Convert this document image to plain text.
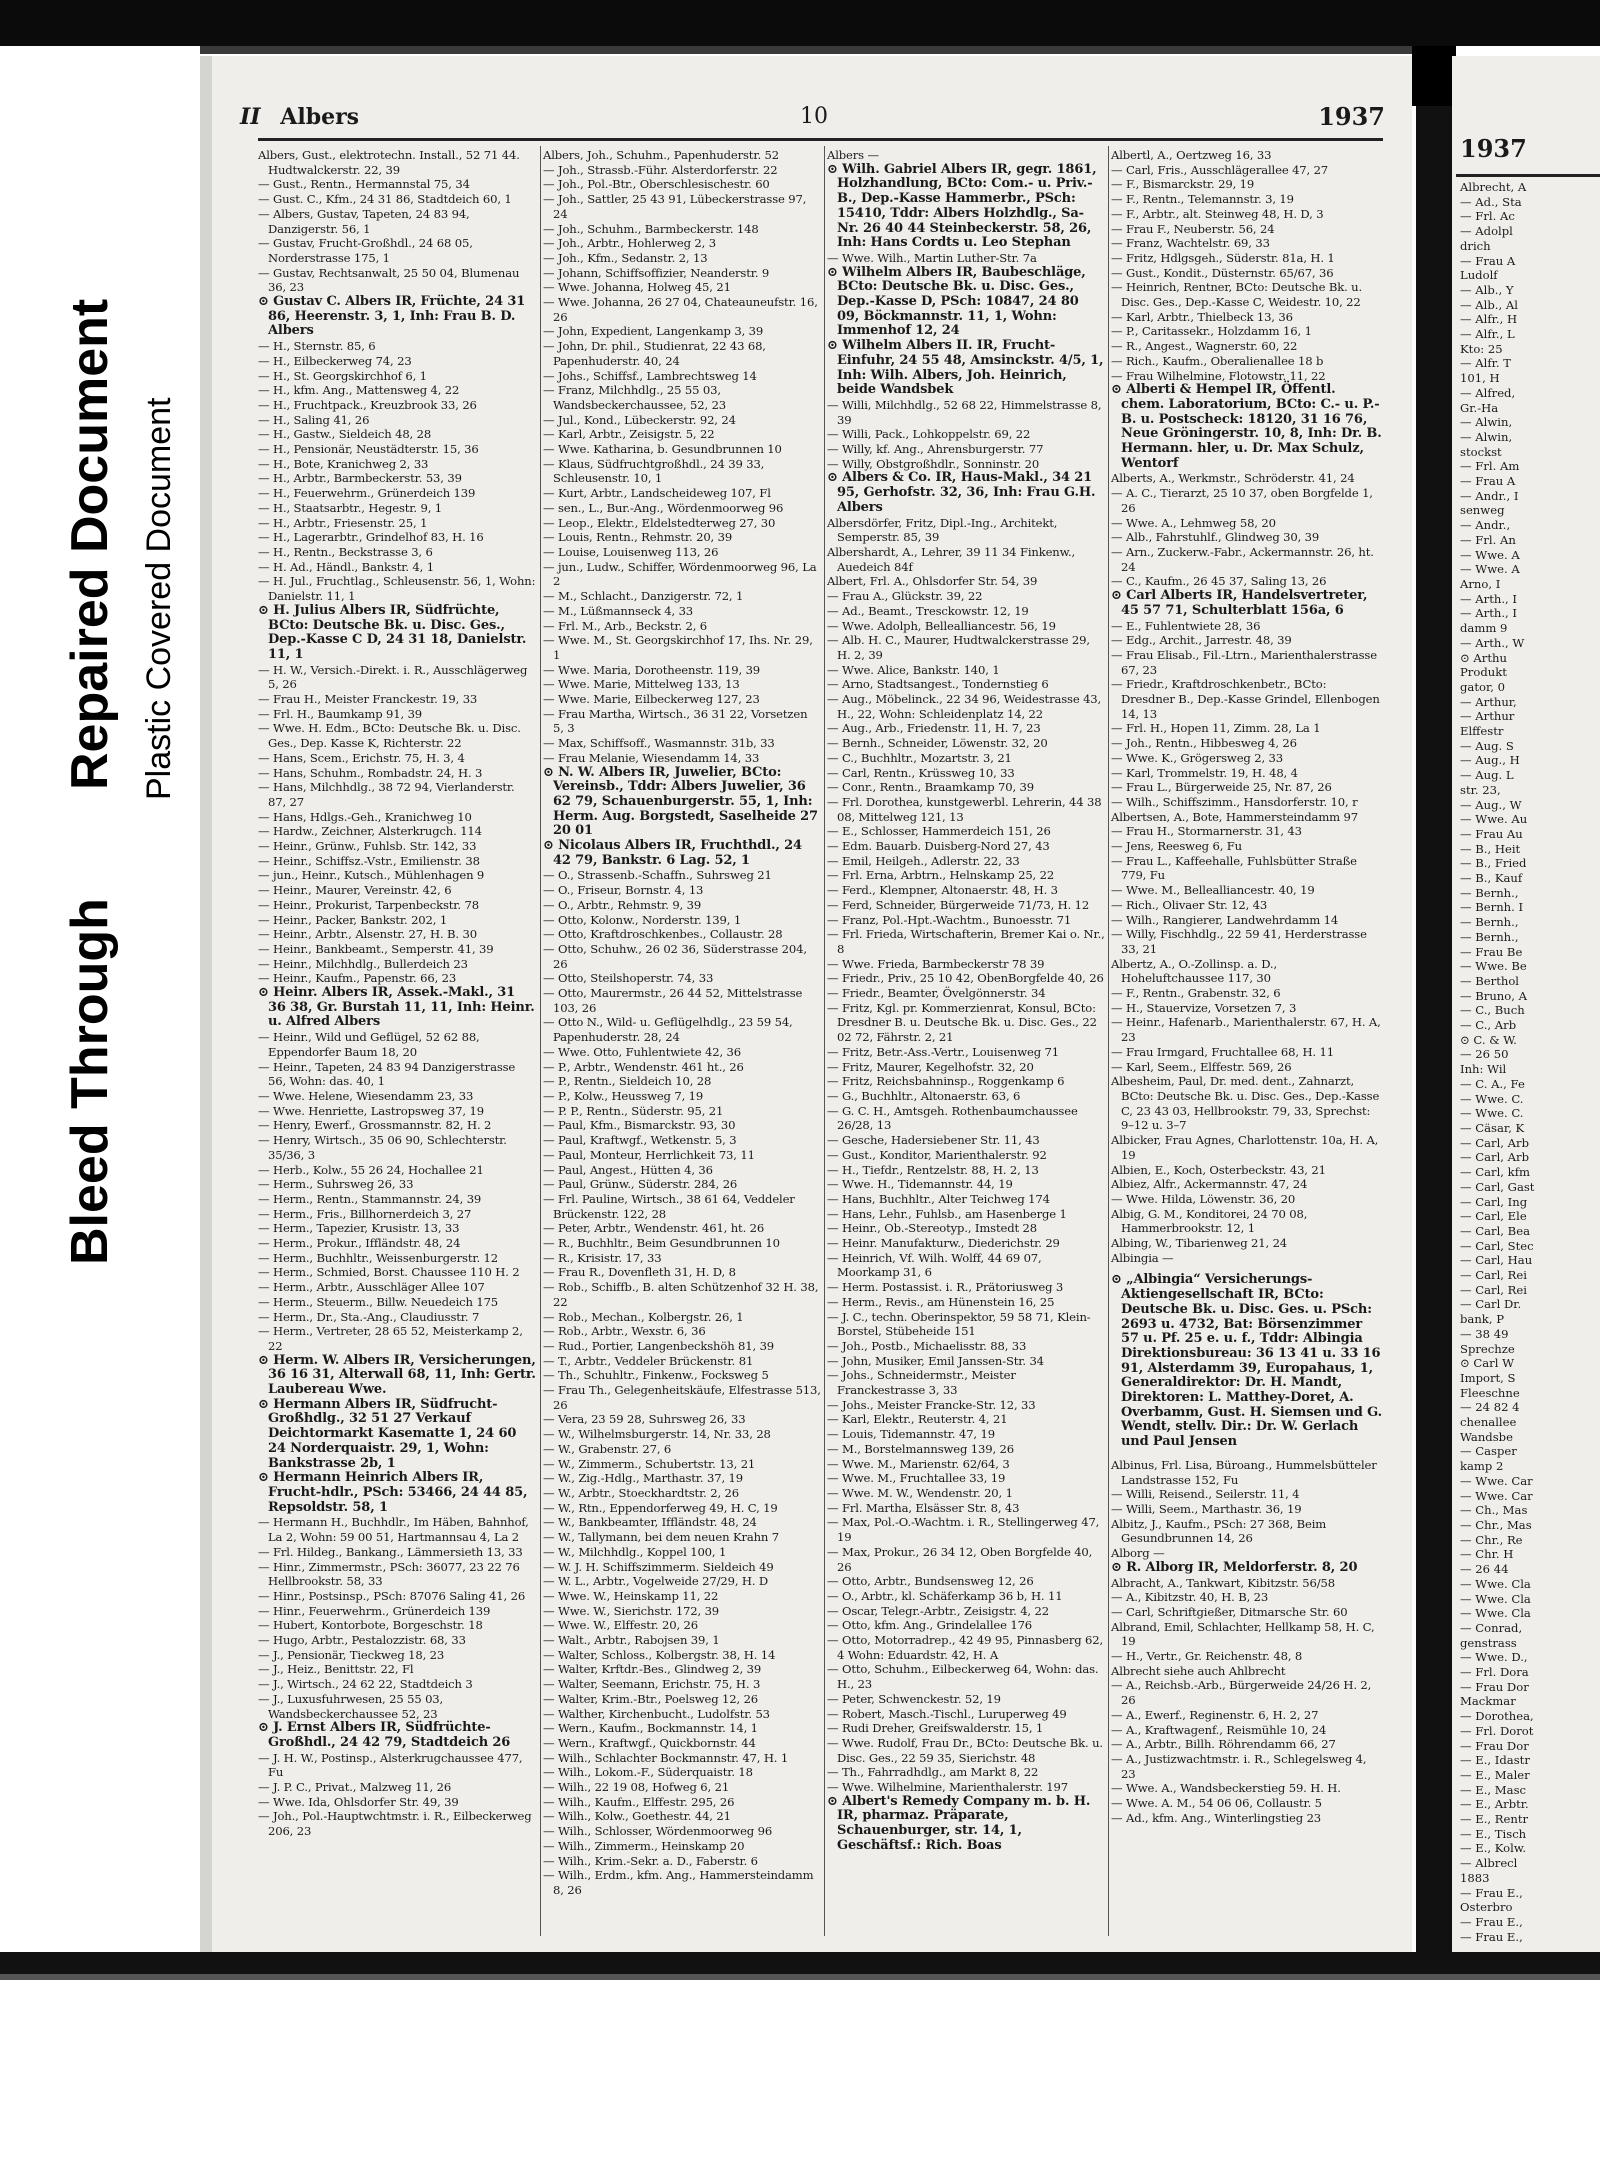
Bleed Through
Repaired Document Plastic Covered Document
II Albers	10	1937

Albers, Gust., elektrotechn. Install., 52 71 44. Hudtwalckerstr. 22, 39

— Gust., Rentn., Hermannstal 75, 34

— Gust. C., Kfm., 24 31 86, Stadtdeich 60, 1

— Albers, Gustav, Tapeten, 24 83 94, Danzigerstr. 56, 1

— Gustav, Frucht-Großhdl., 24 68 05, Norderstrasse 175, 1

— Gustav, Rechtsanwalt, 25 50 04, Blumenau 36, 23

⊙ Gustav C. Albers IR, Früchte, 24 31 86, Heerenstr. 3, 1, Inh: Frau B. D. Albers

— H., Sternstr. 85, 6

— H., Eilbeckerweg 74, 23

— H., St. Georgskirchhof 6, 1

— H., kfm. Ang., Mattensweg 4, 22

— H., Fruchtpack., Kreuzbrook 33, 26

— H., Saling 41, 26

— H., Gastw., Sieldeich 48, 28

— H., Pensionär, Neustädterstr. 15, 36

— H., Bote, Kranichweg 2, 33

— H., Arbtr., Barmbeckerstr. 53, 39

— H., Feuerwehrm., Grünerdeich 139

— H., Staatsarbtr., Hegestr. 9, 1

— H., Arbtr., Friesenstr. 25, 1

— H., Lagerarbtr., Grindelhof 83, H. 16

— H., Rentn., Beckstrasse 3, 6

— H. Ad., Händl., Bankstr. 4, 1

— H. Jul., Fruchtlag., Schleusenstr. 56, 1, Wohn: Danielstr. 11, 1

⊙ H. Julius Albers IR, Südfrüchte, BCto: Deutsche Bk. u. Disc. Ges., Dep.-Kasse C D, 24 31 18, Danielstr. 11, 1

— H. W., Versich.-Direkt. i. R., Ausschlägerweg 5, 26

— Frau H., Meister Franckestr. 19, 33

— Frl. H., Baumkamp 91, 39

— Wwe. H. Edm., BCto: Deutsche Bk. u. Disc. Ges., Dep. Kasse K, Richterstr. 22

— Hans, Scem., Erichstr. 75, H. 3, 4

— Hans, Schuhm., Rombadstr. 24, H. 3

— Hans, Milchhdlg., 38 72 94, Vierlanderstr. 87, 27

— Hans, Hdlgs.-Geh., Kranichweg 10

— Hardw., Zeichner, Alsterkrugch. 114

— Heinr., Grünw., Fuhlsb. Str. 142, 33

— Heinr., Schiffsz.-Vstr., Emilienstr. 38

— jun., Heinr., Kutsch., Mühlenhagen 9

— Heinr., Maurer, Vereinstr. 42, 6

— Heinr., Prokurist, Tarpenbeckstr. 78

— Heinr., Packer, Bankstr. 202, 1

— Heinr., Arbtr., Alsenstr. 27, H. B. 30

— Heinr., Bankbeamt., Semperstr. 41, 39

— Heinr., Milchhdlg., Bullerdeich 23

— Heinr., Kaufm., Papenstr. 66, 23

⊙ Heinr. Albers IR, Assek.-Makl., 31 36 38, Gr. Burstah 11, 11, Inh: Heinr. u. Alfred Albers

— Heinr., Wild und Geflügel, 52 62 88, Eppendorfer Baum 18, 20

— Heinr., Tapeten, 24 83 94 Danzigerstrasse 56, Wohn: das. 40, 1

— Wwe. Helene, Wiesendamm 23, 33

— Wwe. Henriette, Lastropsweg 37, 19

— Henry, Ewerf., Grossmannstr. 82, H. 2

— Henry, Wirtsch., 35 06 90, Schlechterstr. 35/36, 3

— Herb., Kolw., 55 26 24, Hochallee 21

— Herm., Suhrsweg 26, 33

— Herm., Rentn., Stammannstr. 24, 39

— Herm., Fris., Billhornerdeich 3, 27

— Herm., Tapezier, Krusistr. 13, 33

— Herm., Prokur., Iffländstr. 48, 24

— Herm., Buchhltr., Weissenburgerstr. 12

— Herm., Schmied, Borst. Chaussee 110 H. 2

— Herm., Arbtr., Ausschläger Allee 107

— Herm., Steuerm., Billw. Neuedeich 175

— Herm., Dr., Sta.-Ang., Claudiusstr. 7

— Herm., Vertreter, 28 65 52, Meisterkamp 2, 22

⊙ Herm. W. Albers IR, Versicherungen, 36 16 31, Alterwall 68, 11, Inh: Gertr. Laubereau Wwe.

⊙ Hermann Albers IR, Südfrucht-Großhdlg., 32 51 27 Verkauf Deichtormarkt Kasematte 1, 24 60 24 Norderquaistr. 29, 1, Wohn: Bankstrasse 2b, 1

⊙ Hermann Heinrich Albers IR, Frucht-hdlr., PSch: 53466, 24 44 85, Repsoldstr. 58, 1

— Hermann H., Buchhdlr., Im Häben, Bahnhof, La 2, Wohn: 59 00 51, Hartmannsau 4, La 2

— Frl. Hildeg., Bankang., Lämmersieth 13, 33

— Hinr., Zimmermstr., PSch: 36077, 23 22 76 Hellbrookstr. 58, 33

— Hinr., Postsinsp., PSch: 87076 Saling 41, 26

— Hinr., Feuerwehrm., Grünerdeich 139

— Hubert, Kontorbote, Borgeschstr. 18

— Hugo, Arbtr., Pestalozzistr. 68, 33

— J., Pensionär, Tieckweg 18, 23

— J., Heiz., Benittstr. 22, Fl

— J., Wirtsch., 24 62 22, Stadtdeich 3

— J., Luxusfuhrwesen, 25 55 03, Wandsbeckerchaussee 52, 23

⊙ J. Ernst Albers IR, Südfrüchte-Großhdl., 24 42 79, Stadtdeich 26

— J. H. W., Postinsp., Alsterkrugchaussee 477, Fu

— J. P. C., Privat., Malzweg 11, 26

— Wwe. Ida, Ohlsdorfer Str. 49, 39

— Joh., Pol.-Hauptwchtmstr. i. R., Eilbeckerweg 206, 23

Albers, Joh., Schuhm., Papenhuderstr. 52

— Joh., Strassb.-Führ. Alsterdorferstr. 22

— Joh., Pol.-Btr., Oberschlesischestr. 60

— Joh., Sattler, 25 43 91, Lübeckerstrasse 97, 24

— Joh., Schuhm., Barmbeckerstr. 148

— Joh., Arbtr., Hohlerweg 2, 3

— Joh., Kfm., Sedanstr. 2, 13

— Johann, Schiffsoffizier, Neanderstr. 9

— Wwe. Johanna, Holweg 45, 21

— Wwe. Johanna, 26 27 04, Chateauneufstr. 16, 26

— John, Expedient, Langenkamp 3, 39

— John, Dr. phil., Studienrat, 22 43 68, Papenhuderstr. 40, 24

— Johs., Schiffsf., Lambrechtsweg 14

— Franz, Milchhdlg., 25 55 03, Wandsbeckerchaussee, 52, 23

— Jul., Kond., Lübeckerstr. 92, 24

— Karl, Arbtr., Zeisigstr. 5, 22

— Wwe. Katharina, b. Gesundbrunnen 10

— Klaus, Südfruchtgroßhdl., 24 39 33, Schleusenstr. 10, 1

— Kurt, Arbtr., Landscheideweg 107, Fl

— sen., L., Bur.-Ang., Wördenmoorweg 96

— Leop., Elektr., Eldelstedterweg 27, 30

— Louis, Rentn., Rehmstr. 20, 39

— Louise, Louisenweg 113, 26

— jun., Ludw., Schiffer, Wördenmoorweg 96, La 2

— M., Schlacht., Danzigerstr. 72, 1

— M., Lüßmannseck 4, 33

— Frl. M., Arb., Beckstr. 2, 6

— Wwe. M., St. Georgskirchhof 17, Ihs. Nr. 29, 1

— Wwe. Maria, Dorotheenstr. 119, 39

— Wwe. Marie, Mittelweg 133, 13

— Wwe. Marie, Eilbeckerweg 127, 23

— Frau Martha, Wirtsch., 36 31 22, Vorsetzen 5, 3

— Max, Schiffsoff., Wasmannstr. 31b, 33

— Frau Melanie, Wiesendamm 14, 33

⊙ N. W. Albers IR, Juwelier, BCto: Vereinsb., Tddr: Albers Juwelier, 36 62 79, Schauenburgerstr. 55, 1, Inh: Herm. Aug. Borgstedt, Saselheide 27 20 01

⊙ Nicolaus Albers IR, Fruchthdl., 24 42 79, Bankstr. 6 Lag. 52, 1

— O., Strassenb.-Schaffn., Suhrsweg 21

— O., Friseur, Bornstr. 4, 13

— O., Arbtr., Rehmstr. 9, 39

— Otto, Kolonw., Norderstr. 139, 1

— Otto, Kraftdroschkenbes., Collaustr. 28

— Otto, Schuhw., 26 02 36, Süderstrasse 204, 26

— Otto, Steilshoperstr. 74, 33

— Otto, Maurermstr., 26 44 52, Mittelstrasse 103, 26

— Otto N., Wild- u. Geflügelhdlg., 23 59 54, Papenhuderstr. 28, 24

— Wwe. Otto, Fuhlentwiete 42, 36

— P., Arbtr., Wendenstr. 461 ht., 26

— P., Rentn., Sieldeich 10, 28

— P., Kolw., Heussweg 7, 19

— P. P., Rentn., Süderstr. 95, 21

— Paul, Kfm., Bismarckstr. 93, 30

— Paul, Kraftwgf., Wetkenstr. 5, 3

— Paul, Monteur, Herrlichkeit 73, 11

— Paul, Angest., Hütten 4, 36

— Paul, Grünw., Süderstr. 284, 26

— Frl. Pauline, Wirtsch., 38 61 64, Veddeler Brückenstr. 122, 28

— Peter, Arbtr., Wendenstr. 461, ht. 26

— R., Buchhltr., Beim Gesundbrunnen 10

— R., Krisistr. 17, 33

— Frau R., Dovenfleth 31, H. D, 8

— Rob., Schiffb., B. alten Schützenhof 32 H. 38, 22

— Rob., Mechan., Kolbergstr. 26, 1

— Rob., Arbtr., Wexstr. 6, 36

— Rud., Portier, Langenbeckshöh 81, 39

— T., Arbtr., Veddeler Brückenstr. 81

— Th., Schuhltr., Finkenw., Focksweg 5

— Frau Th., Gelegenheitskäufe, Elfestrasse 513, 26

— Vera, 23 59 28, Suhrsweg 26, 33

— W., Wilhelmsburgerstr. 14, Nr. 33, 28

— W., Grabenstr. 27, 6

— W., Zimmerm., Schubertstr. 13, 21

— W., Zig.-Hdlg., Marthastr. 37, 19

— W., Arbtr., Stoeckhardtstr. 2, 26

— W., Rtn., Eppendorferweg 49, H. C, 19

— W., Bankbeamter, Iffländstr. 48, 24

— W., Tallymann, bei dem neuen Krahn 7

— W., Milchhdlg., Koppel 100, 1

— W. J. H. Schiffszimmerm. Sieldeich 49

— W. L., Arbtr., Vogelweide 27/29, H. D

— Wwe. W., Heinskamp 11, 22

— Wwe. W., Sierichstr. 172, 39

— Wwe. W., Elffestr. 20, 26

— Walt., Arbtr., Rabojsen 39, 1

— Walter, Schloss., Kolbergstr. 38, H. 14

— Walter, Krftdr.-Bes., Glindweg 2, 39

— Walter, Seemann, Erichstr. 75, H. 3

— Walter, Krim.-Btr., Poelsweg 12, 26

— Walther, Kirchenbucht., Ludolfstr. 53

— Wern., Kaufm., Bockmannstr. 14, 1

— Wern., Kraftwgf., Quickbornstr. 44

— Wilh., Schlachter Bockmannstr. 47, H. 1

— Wilh., Lokom.-F., Süderquaistr. 18

— Wilh., 22 19 08, Hofweg 6, 21

— Wilh., Kaufm., Elffestr. 295, 26

— Wilh., Kolw., Goethestr. 44, 21

— Wilh., Schlosser, Wördenmoorweg 96

— Wilh., Zimmerm., Heinskamp 20

— Wilh., Krim.-Sekr. a. D., Faberstr. 6

— Wilh., Erdm., kfm. Ang., Hammersteindamm 8, 26

Albers —

⊙ Wilh. Gabriel Albers IR, gegr. 1861, Holzhandlung, BCto: Com.- u. Priv.-B., Dep.-Kasse Hammerbr., PSch: 15410, Tddr: Albers Holzhdlg., Sa-Nr. 26 40 44 Steinbeckerstr. 58, 26, Inh: Hans Cordts u. Leo Stephan

— Wwe. Wilh., Martin Luther-Str. 7a

⊙ Wilhelm Albers IR, Baubeschläge, BCto: Deutsche Bk. u. Disc. Ges., Dep.-Kasse D, PSch: 10847, 24 80 09, Böckmannstr. 11, 1, Wohn: Immenhof 12, 24

⊙ Wilhelm Albers II. IR, Frucht-Einfuhr, 24 55 48, Amsinckstr. 4/5, 1, Inh: Wilh. Albers, Joh. Heinrich, beide Wandsbek

— Willi, Milchhdlg., 52 68 22, Himmelstrasse 8, 39

— Willi, Pack., Lohkoppelstr. 69, 22

— Willy, kf. Ang., Ahrensburgerstr. 77

— Willy, Obstgroßhdlr., Sonninstr. 20

⊙ Albers & Co. IR, Haus-Makl., 34 21 95, Gerhofstr. 32, 36, Inh: Frau G.H. Albers

Albersdörfer, Fritz, Dipl.-Ing., Architekt, Semperstr. 85, 39

Albershardt, A., Lehrer, 39 11 34 Finkenw., Auedeich 84f

Albert, Frl. A., Ohlsdorfer Str. 54, 39

— Frau A., Glückstr. 39, 22

— Ad., Beamt., Tresckowstr. 12, 19

— Wwe. Adolph, Bellealliancestr. 56, 19

— Alb. H. C., Maurer, Hudtwalckerstrasse 29, H. 2, 39

— Wwe. Alice, Bankstr. 140, 1

— Arno, Stadtsangest., Tondernstieg 6

— Aug., Möbelinck., 22 34 96, Weidestrasse 43, H., 22, Wohn: Schleidenplatz 14, 22

— Aug., Arb., Friedenstr. 11, H. 7, 23

— Bernh., Schneider, Löwenstr. 32, 20

— C., Buchhltr., Mozartstr. 3, 21

— Carl, Rentn., Krüssweg 10, 33

— Conr., Rentn., Braamkamp 70, 39

— Frl. Dorothea, kunstgewerbl. Lehrerin, 44 38 08, Mittelweg 121, 13

— E., Schlosser, Hammerdeich 151, 26

— Edm. Bauarb. Duisberg-Nord 27, 43

— Emil, Heilgeh., Adlerstr. 22, 33

— Frl. Erna, Arbtrn., Helnskamp 25, 22

— Ferd., Klempner, Altonaerstr. 48, H. 3

— Ferd, Schneider, Bürgerweide 71/73, H. 12

— Franz, Pol.-Hpt.-Wachtm., Bunoesstr. 71

— Frl. Frieda, Wirtschafterin, Bremer Kai o. Nr., 8

— Wwe. Frieda, Barmbeckerstr 78 39

— Friedr., Priv., 25 10 42, ObenBorgfelde 40, 26

— Friedr., Beamter, Övelgönnerstr. 34

— Fritz, Kgl. pr. Kommerzienrat, Konsul, BCto: Dresdner B. u. Deutsche Bk. u. Disc. Ges., 22 02 72, Fährstr. 2, 21

— Fritz, Betr.-Ass.-Vertr., Louisenweg 71

— Fritz, Maurer, Kegelhofstr. 32, 20

— Fritz, Reichsbahninsp., Roggenkamp 6

— G., Buchhltr., Altonaerstr. 63, 6

— G. C. H., Amtsgeh. Rothenbaumchaussee 26/28, 13

— Gesche, Hadersiebener Str. 11, 43

— Gust., Konditor, Marienthalerstr. 92

— H., Tiefdr., Rentzelstr. 88, H. 2, 13

— Wwe. H., Tidemannstr. 44, 19

— Hans, Buchhltr., Alter Teichweg 174

— Hans, Lehr., Fuhlsb., am Hasenberge 1

— Heinr., Ob.-Stereotyp., Imstedt 28

— Heinr. Manufakturw., Diederichstr. 29

— Heinrich, Vf. Wilh. Wolff, 44 69 07, Moorkamp 31, 6

— Herm. Postassist. i. R., Prätoriusweg 3

— Herm., Revis., am Hünenstein 16, 25

— J. C., techn. Oberinspektor, 59 58 71, Klein-Borstel, Stübeheide 151

— Joh., Postb., Michaelisstr. 88, 33

— John, Musiker, Emil Janssen-Str. 34

— Johs., Schneidermstr., Meister Franckestrasse 3, 33

— Johs., Meister Francke-Str. 12, 33

— Karl, Elektr., Reuterstr. 4, 21

— Louis, Tidemannstr. 47, 19

— M., Borstelmannsweg 139, 26

— Wwe. M., Marienstr. 62/64, 3

— Wwe. M., Fruchtallee 33, 19

— Wwe. M. W., Wendenstr. 20, 1

— Frl. Martha, Elsässer Str. 8, 43

— Max, Pol.-O.-Wachtm. i. R., Stellingerweg 47, 19

— Max, Prokur., 26 34 12, Oben Borgfelde 40, 26

— Otto, Arbtr., Bundsensweg 12, 26

— O., Arbtr., kl. Schäferkamp 36 b, H. 11

— Oscar, Telegr.-Arbtr., Zeisigstr. 4, 22

— Otto, kfm. Ang., Grindelallee 176

— Otto, Motorradrep., 42 49 95, Pinnasberg 62, 4 Wohn: Eduardstr. 42, H. A

— Otto, Schuhm., Eilbeckerweg 64, Wohn: das. H., 23

— Peter, Schwenckestr. 52, 19

— Robert, Masch.-Tischl., Luruperweg 49

— Rudi Dreher, Greifswalderstr. 15, 1

— Wwe. Rudolf, Frau Dr., BCto: Deutsche Bk. u. Disc. Ges., 22 59 35, Sierichstr. 48

— Th., Fahrradhdlg., am Markt 8, 22

— Wwe. Wilhelmine, Marienthalerstr. 197

⊙ Albert's Remedy Company m. b. H. IR, pharmaz. Präparate, Schauenburger, str. 14, 1, Geschäftsf.: Rich. Boas

Albertl, A., Oertzweg 16, 33

— Carl, Fris., Ausschlägerallee 47, 27

— F., Bismarckstr. 29, 19

— F., Rentn., Telemannstr. 3, 19

— F., Arbtr., alt. Steinweg 48, H. D, 3

— Frau F., Neuberstr. 56, 24

— Franz, Wachtelstr. 69, 33

— Fritz, Hdlgsgeh., Süderstr. 81a, H. 1

— Gust., Kondit., Düsternstr. 65/67, 36

— Heinrich, Rentner, BCto: Deutsche Bk. u. Disc. Ges., Dep.-Kasse C, Weidestr. 10, 22

— Karl, Arbtr., Thielbeck 13, 36

— P., Caritassekr., Holzdamm 16, 1

— R., Angest., Wagnerstr. 60, 22

— Rich., Kaufm., Oberalienallee 18 b

— Frau Wilhelmine, Flotowstr. 11, 22

⊙ Alberti & Hempel IR, Öffentl. chem. Laboratorium, BCto: C.- u. P.-B. u. Postscheck: 18120, 31 16 76, Neue Gröningerstr. 10, 8, Inh: Dr. B. Hermann. hler, u. Dr. Max Schulz, Wentorf

Alberts, A., Werkmstr., Schröderstr. 41, 24

— A. C., Tierarzt, 25 10 37, oben Borgfelde 1, 26

— Wwe. A., Lehmweg 58, 20

— Alb., Fahrstuhlf., Glindweg 30, 39

— Arn., Zuckerw.-Fabr., Ackermannstr. 26, ht. 24

— C., Kaufm., 26 45 37, Saling 13, 26

⊙ Carl Alberts IR, Handelsvertreter, 45 57 71, Schulterblatt 156a, 6

— E., Fuhlentwiete 28, 36

— Edg., Archit., Jarrestr. 48, 39

— Frau Elisab., Fil.-Ltrn., Marienthalerstrasse 67, 23

— Friedr., Kraftdroschkenbetr., BCto: Dresdner B., Dep.-Kasse Grindel, Ellenbogen 14, 13

— Frl. H., Hopen 11, Zimm. 28, La 1

— Joh., Rentn., Hibbesweg 4, 26

— Wwe. K., Grögersweg 2, 33

— Karl, Trommelstr. 19, H. 48, 4

— Frau L., Bürgerweide 25, Nr. 87, 26

— Wilh., Schiffszimm., Hansdorferstr. 10, r

Albertsen, A., Bote, Hammersteindamm 97

— Frau H., Stormarnerstr. 31, 43

— Jens, Reesweg 6, Fu

— Frau L., Kaffeehalle, Fuhlsbütter Straße 779, Fu

— Wwe. M., Bellealliancestr. 40, 19

— Rich., Olivaer Str. 12, 43

— Wilh., Rangierer, Landwehrdamm 14

— Willy, Fischhdlg., 22 59 41, Herderstrasse 33, 21

Albertz, A., O.-Zollinsp. a. D., Hoheluftchaussee 117, 30

— F., Rentn., Grabenstr. 32, 6

— H., Stauervize, Vorsetzen 7, 3

— Heinr., Hafenarb., Marienthalerstr. 67, H. A, 23

— Frau Irmgard, Fruchtallee 68, H. 11

— Karl, Seem., Elffestr. 569, 26

Albesheim, Paul, Dr. med. dent., Zahnarzt, BCto: Deutsche Bk. u. Disc. Ges., Dep.-Kasse C, 23 43 03, Hellbrookstr. 79, 33, Sprechst: 9–12 u. 3–7

Albicker, Frau Agnes, Charlottenstr. 10a, H. A, 19

Albien, E., Koch, Osterbeckstr. 43, 21

Albiez, Alfr., Ackermannstr. 47, 24

— Wwe. Hilda, Löwenstr. 36, 20

Albig, G. M., Konditorei, 24 70 08, Hammerbrookstr. 12, 1

Albing, W., Tibarienweg 21, 24

Albingia —

⊙ „Albingia“ Versicherungs-Aktiengesellschaft IR, BCto: Deutsche Bk. u. Disc. Ges. u. PSch: 2693 u. 4732, Bat: Börsenzimmer 57 u. Pf. 25 e. u. f., Tddr: Albingia Direktionsbureau: 36 13 41 u. 33 16 91, Alsterdamm 39, Europahaus, 1, Generaldirektor: Dr. H. Mandt, Direktoren: L. Matthey-Doret, A. Overbamm, Gust. H. Siemsen und G. Wendt, stellv. Dir.: Dr. W. Gerlach und Paul Jensen

Albinus, Frl. Lisa, Büroang., Hummelsbütteler Landstrasse 152, Fu

— Willi, Reisend., Seilerstr. 11, 4

— Willi, Seem., Marthastr. 36, 19

Albitz, J., Kaufm., PSch: 27 368, Beim Gesundbrunnen 14, 26

Alborg —

⊙ R. Alborg IR, Meldorferstr. 8, 20

Albracht, A., Tankwart, Kibitzstr. 56/58

— A., Kibitzstr. 40, H. B, 23

— Carl, Schriftgießer, Ditmarsche Str. 60

Albrand, Emil, Schlachter, Hellkamp 58, H. C, 19

— H., Vertr., Gr. Reichenstr. 48, 8

Albrecht siehe auch Ahlbrecht

— A., Reichsb.-Arb., Bürgerweide 24/26 H. 2, 26

— A., Ewerf., Reginenstr. 6, H. 2, 27

— A., Kraftwagenf., Reismühle 10, 24

— A., Arbtr., Billh. Röhrendamm 66, 27

— A., Justizwachtmstr. i. R., Schlegelsweg 4, 23

— Wwe. A., Wandsbeckerstieg 59. H. H.

— Wwe. A. M., 54 06 06, Collaustr. 5

— Ad., kfm. Ang., Winterlingstieg 23

1937
Albrecht, A
— Ad., Sta
— Frl. Ac
— Adolpl
drich
— Frau A
Ludolf
— Alb., Y
— Alb., Al
— Alfr., H
— Alfr., L
Kto: 25
— Alfr. T
101, H
— Alfred,
Gr.-Ha
— Alwin,
— Alwin,
stockst
— Frl. Am
— Frau A
— Andr., I
senweg
— Andr.,
— Frl. An
— Wwe. A
— Wwe. A
Arno, I
— Arth., I
— Arth., I
damm 9
— Arth., W
⊙ Arthu
Produkt
gator, 0
— Arthur,
— Arthur
Elffestr
— Aug. S
— Aug., H
— Aug. L
str. 23,
— Aug., W
— Wwe. Au
— Frau Au
— B., Heit
— B., Fried
— B., Kauf
— Bernh.,
— Bernh. I
— Bernh.,
— Bernh.,
— Frau Be
— Wwe. Be
— Berthol
— Bruno, A
— C., Buch
— C., Arb
⊙ C. & W.
— 26 50
Inh: Wil
— C. A., Fe
— Wwe. C.
— Wwe. C.
— Cäsar, K
— Carl, Arb
— Carl, Arb
— Carl, kfm
— Carl, Gast
— Carl, Ing
— Carl, Ele
— Carl, Bea
— Carl, Stec
— Carl, Hau
— Carl, Rei
— Carl, Rei
— Carl Dr.
bank, P
— 38 49
Sprechze
⊙ Carl W
Import, S
Fleeschne
— 24 82 4
chenallee
Wandsbe
— Casper
kamp 2
— Wwe. Car
— Wwe. Car
— Ch., Mas
— Chr., Mas
— Chr., Re
— Chr. H
— 26 44
— Wwe. Cla
— Wwe. Cla
— Wwe. Cla
— Conrad,
genstrass
— Wwe. D.,
— Frl. Dora
— Frau Dor
Mackmar
— Dorothea,
— Frl. Dorot
— Frau Dor
— E., Idastr
— E., Maler
— E., Masc
— E., Arbtr.
— E., Rentr
— E., Tisch
— E., Kolw.
— Albrecl
1883
— Frau E.,
Osterbro
— Frau E.,
— Frau E.,
